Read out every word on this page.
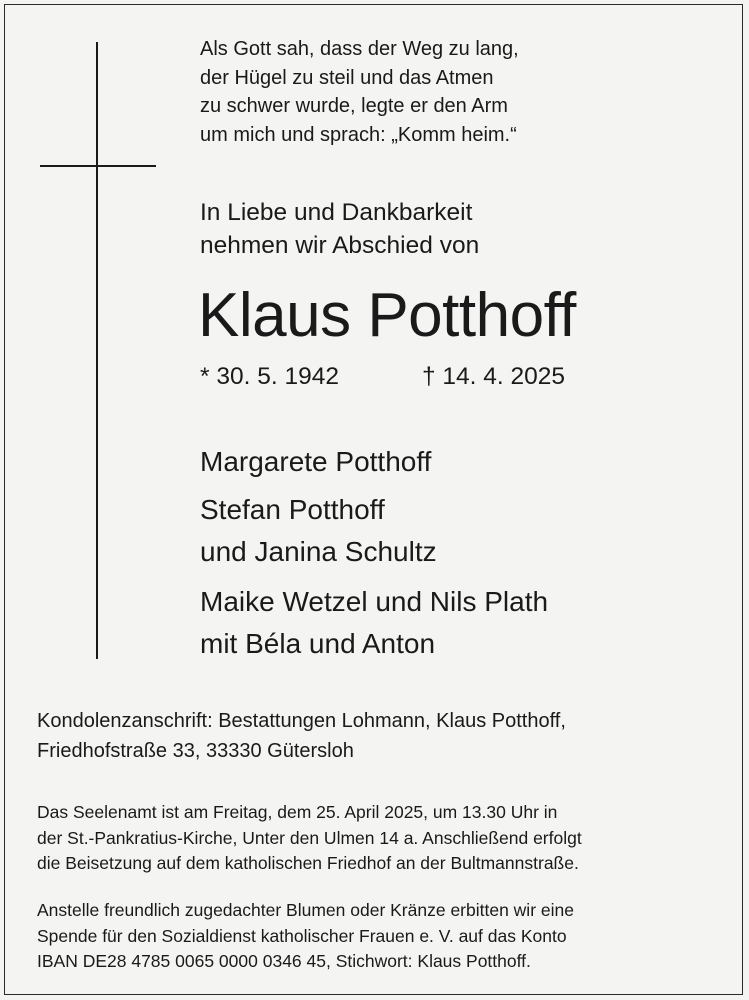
Als Gott sah, dass der Weg zu lang,
der Hügel zu steil und das Atmen
zu schwer wurde, legte er den Arm
um mich und sprach: „Komm heim.“
In Liebe und Dankbarkeit
nehmen wir Abschied von
Klaus Potthoff
* 30. 5. 1942	† 14. 4. 2025
Margarete Potthoff
Stefan Potthoff
und Janina Schultz
Maike Wetzel und Nils Plath
mit Béla und Anton
Kondolenzanschrift: Bestattungen Lohmann, Klaus Potthoff,
Friedhofstraße 33, 33330 Gütersloh
Das Seelenamt ist am Freitag, dem 25. April 2025, um 13.30 Uhr in
der St.-Pankratius-Kirche, Unter den Ulmen 14 a. Anschließend erfolgt
die Beisetzung auf dem katholischen Friedhof an der Bultmannstraße.
Anstelle freundlich zugedachter Blumen oder Kränze erbitten wir eine
Spende für den Sozialdienst katholischer Frauen e. V. auf das Konto
IBAN DE28 4785 0065 0000 0346 45, Stichwort: Klaus Potthoff.
